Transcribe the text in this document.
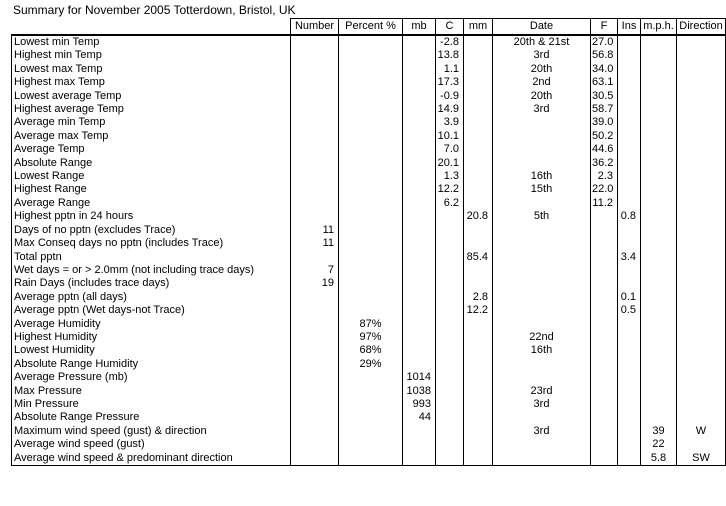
Summary for November 2005 Totterdown, Bristol, UK
	Number	Percent %	mb	C	mm	Date	F	Ins	m.p.h.	Direction
Lowest min Temp				-2.8		20th & 21st	27.0			
Highest min Temp				13.8		3rd	56.8			
Lowest max Temp				1.1		20th	34.0			
Highest max Temp				17.3		2nd	63.1			
Lowest average Temp				-0.9		20th	30.5			
Highest average Temp				14.9		3rd	58.7			
Average min Temp				3.9			39.0			
Average max Temp				10.1			50.2			
Average Temp				7.0			44.6			
Absolute Range				20.1			36.2			
Lowest Range				1.3		16th	2.3			
Highest Range				12.2		15th	22.0			
Average Range				6.2			11.2			
Highest pptn in 24 hours					20.8	5th		0.8		
Days of no pptn (excludes Trace)	11									
Max Conseq days no pptn (includes Trace)	11									
Total pptn					85.4			3.4		
Wet days = or > 2.0mm (not including trace days)	7									
Rain Days (includes trace days)	19									
Average pptn (all days)					2.8			0.1		
Average pptn (Wet days-not Trace)					12.2			0.5		
Average Humidity		87%								
Highest Humidity		97%				22nd				
Lowest Humidity		68%				16th				
Absolute Range Humidity		29%								
Average Pressure (mb)			1014							
Max Pressure			1038			23rd				
Min Pressure			993			3rd				
Absolute Range Pressure			44							
Maximum wind speed (gust) & direction						3rd			39	W
Average wind speed (gust)									22	
Average wind speed & predominant direction									5.8	SW
